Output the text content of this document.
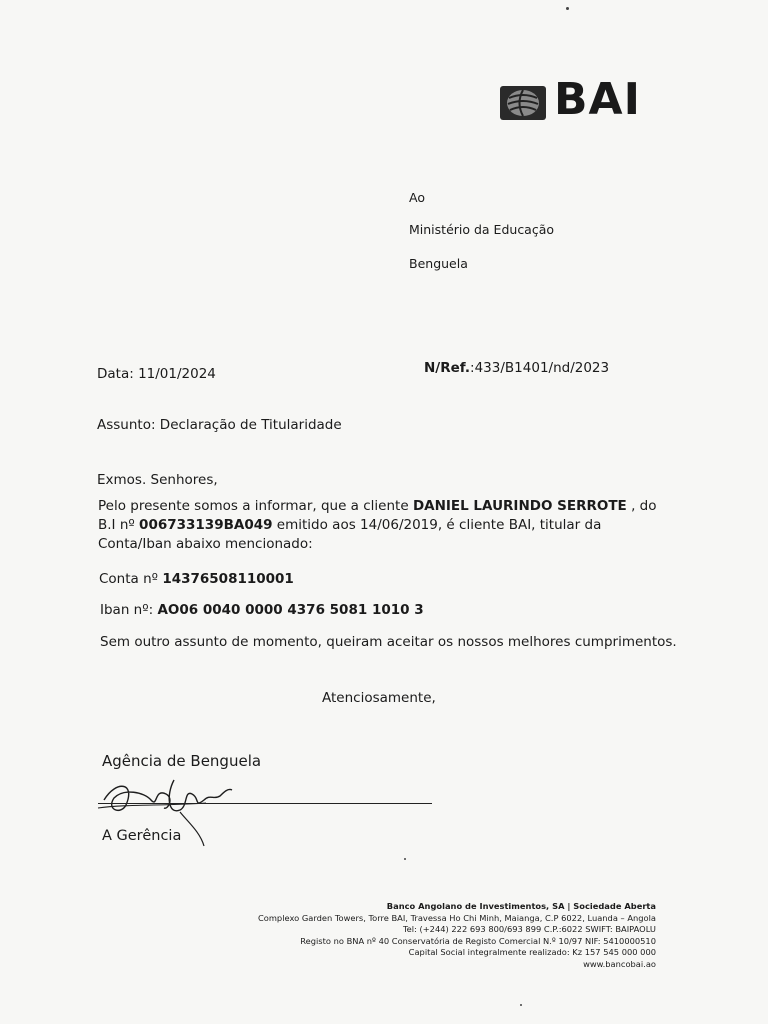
BAI
Ao
Ministério da Educação
Benguela
Data: 11/01/2024	N/Ref.:433/B1401/nd/2023
Assunto: Declaração de Titularidade
Exmos. Senhores,
Pelo presente somos a informar, que a cliente DANIEL LAURINDO SERROTE , do B.I nº 006733139BA049 emitido aos 14/06/2019, é cliente BAI, titular da Conta/Iban abaixo mencionado:
Conta nº 14376508110001
Iban nº: AO06 0040 0000 4376 5081 1010 3
Sem outro assunto de momento, queiram aceitar os nossos melhores cumprimentos.
Atenciosamente,
Agência de Benguela
A Gerência
Banco Angolano de Investimentos, SA | Sociedade Aberta
Complexo Garden Towers, Torre BAI, Travessa Ho Chi Minh, Maianga, C.P 6022, Luanda – Angola
Tel: (+244) 222 693 800/693 899 C.P.:6022 SWIFT: BAIPAOLU
Registo no BNA nº 40 Conservatória de Registo Comercial N.º 10/97 NIF: 5410000510
Capital Social integralmente realizado: Kz 157 545 000 000
www.bancobai.ao
